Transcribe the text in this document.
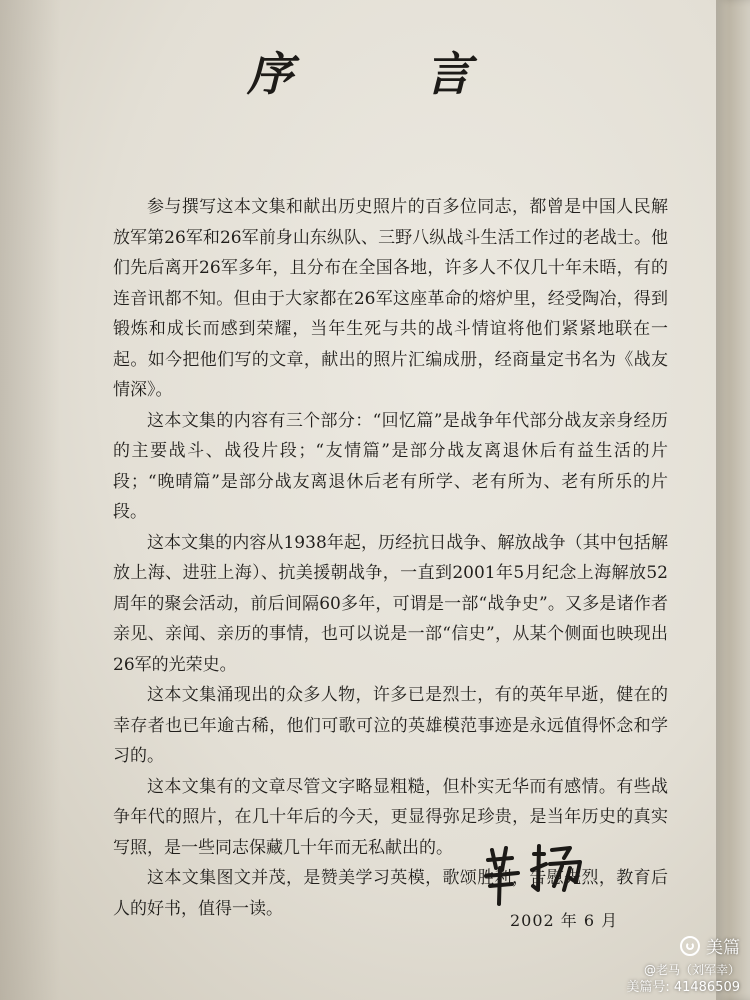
序 言

参与撰写这本文集和献出历史照片的百多位同志，都曾是中国人民解放军第26军和26军前身山东纵队、三野八纵战斗生活工作过的老战士。他们先后离开26军多年，且分布在全国各地，许多人不仅几十年未晤，有的连音讯都不知。但由于大家都在26军这座革命的熔炉里，经受陶冶，得到锻炼和成长而感到荣耀，当年生死与共的战斗情谊将他们紧紧地联在一起。如今把他们写的文章，献出的照片汇编成册，经商量定书名为《战友情深》。

这本文集的内容有三个部分：“回忆篇”是战争年代部分战友亲身经历的主要战斗、战役片段；“友情篇”是部分战友离退休后有益生活的片段；“晚晴篇”是部分战友离退休后老有所学、老有所为、老有所乐的片段。

这本文集的内容从1938年起，历经抗日战争、解放战争（其中包括解放上海、进驻上海）、抗美援朝战争，一直到2001年5月纪念上海解放52周年的聚会活动，前后间隔60多年，可谓是一部“战争史”。又多是诸作者亲见、亲闻、亲历的事情，也可以说是一部“信史”，从某个侧面也映现出26军的光荣史。

这本文集涌现出的众多人物，许多已是烈士，有的英年早逝，健在的幸存者也已年逾古稀，他们可歌可泣的英雄模范事迹是永远值得怀念和学习的。

这本文集有的文章尽管文字略显粗糙，但朴实无华而有感情。有些战争年代的照片，在几十年后的今天，更显得弥足珍贵，是当年历史的真实写照，是一些同志保藏几十年而无私献出的。

这本文集图文并茂，是赞美学习英模，歌颂胜利，告慰先烈，教育后人的好书，值得一读。

2002 年 6 月
美篇
@老马（刘军幸）
美篇号: 41486509
